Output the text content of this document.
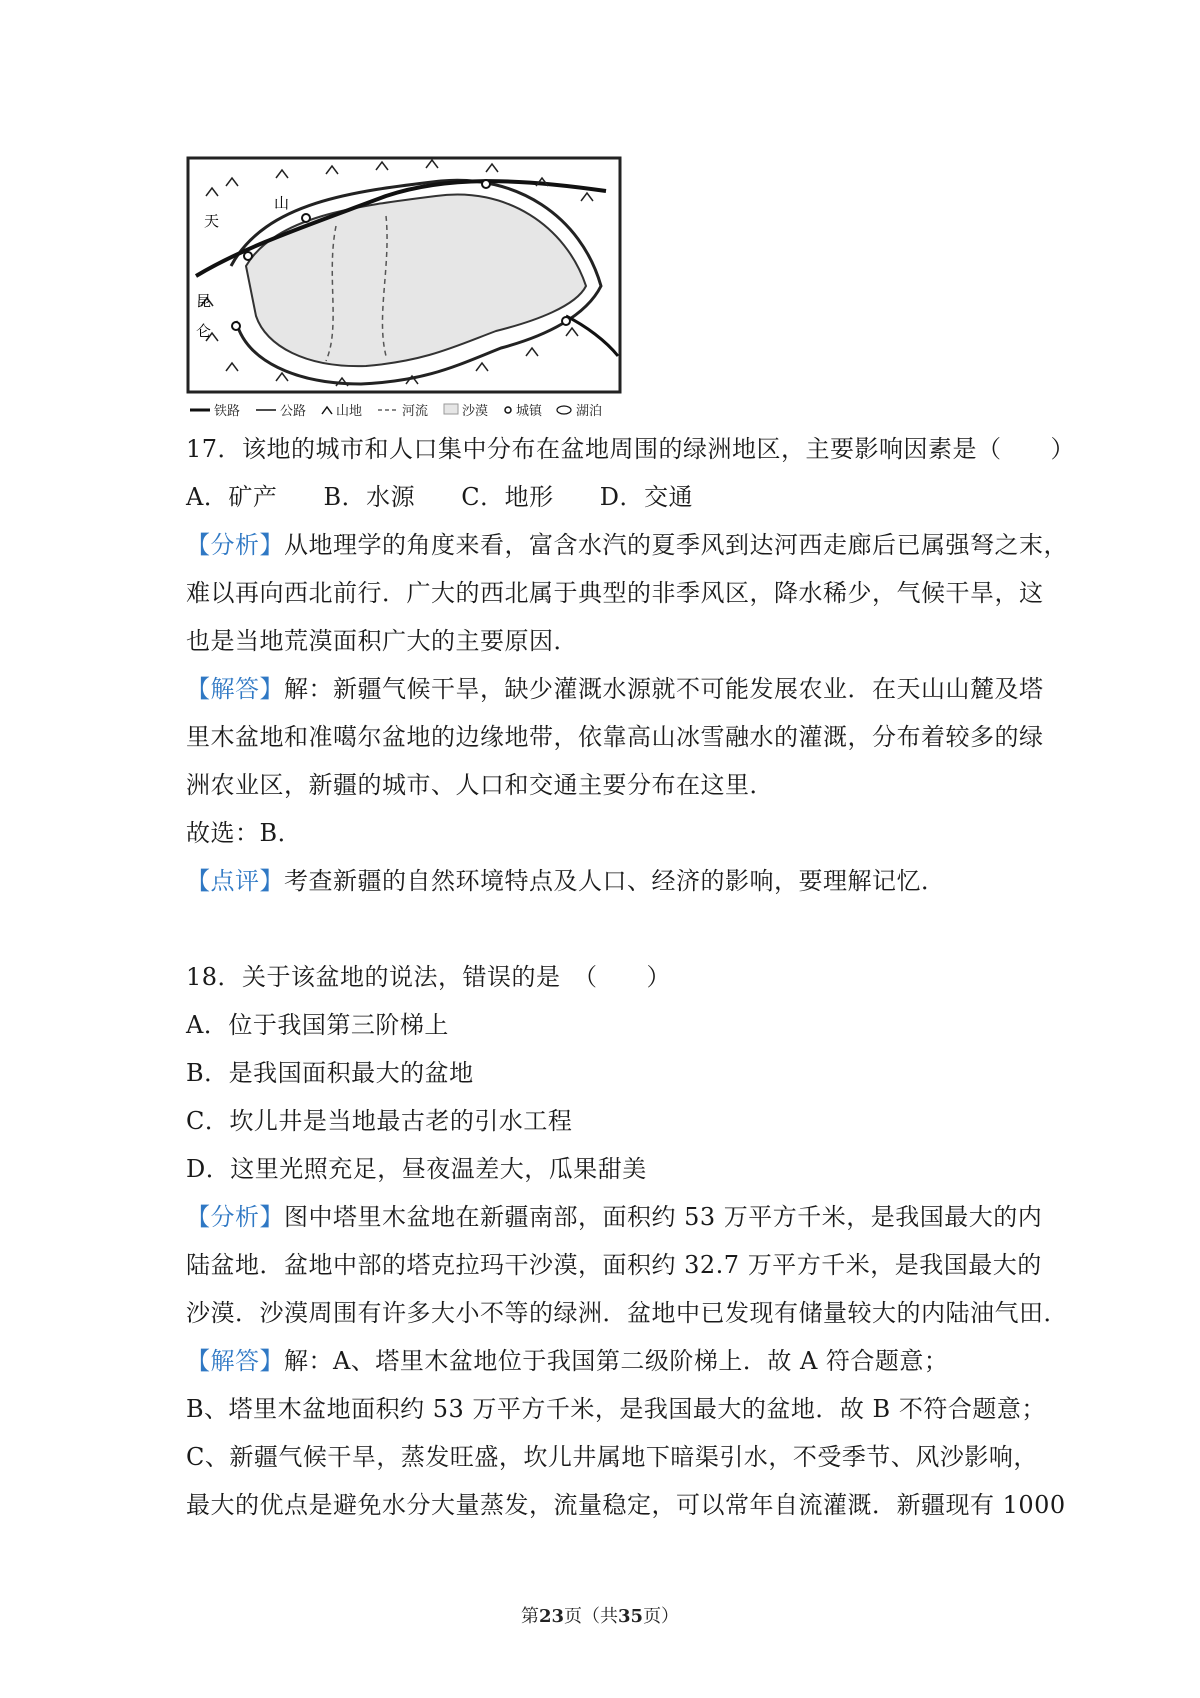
天
山
昆
仑
铁路	公路 山地	河流	沙漠 城镇	湖泊
17．该地的城市和人口集中分布在盆地周围的绿洲地区，主要影响因素是（　　）
A．矿产 B．水源 C．地形 D．交通
【分析】从地理学的角度来看，富含水汽的夏季风到达河西走廊后已属强弩之末，
难以再向西北前行．广大的西北属于典型的非季风区，降水稀少，气候干旱，这
也是当地荒漠面积广大的主要原因．
【解答】解：新疆气候干旱，缺少灌溉水源就不可能发展农业．在天山山麓及塔
里木盆地和准噶尔盆地的边缘地带，依靠高山冰雪融水的灌溉，分布着较多的绿
洲农业区，新疆的城市、人口和交通主要分布在这里．
故选：B．
【点评】考查新疆的自然环境特点及人口、经济的影响，要理解记忆．
18．关于该盆地的说法，错误的是　（　　）
A．位于我国第三阶梯上
B．是我国面积最大的盆地
C．坎儿井是当地最古老的引水工程
D．这里光照充足，昼夜温差大，瓜果甜美
【分析】图中塔里木盆地在新疆南部，面积约 53 万平方千米，是我国最大的内
陆盆地．盆地中部的塔克拉玛干沙漠，面积约 32.7 万平方千米，是我国最大的
沙漠．沙漠周围有许多大小不等的绿洲．盆地中已发现有储量较大的内陆油气田．
【解答】解：A、塔里木盆地位于我国第二级阶梯上．故 A 符合题意；
B、塔里木盆地面积约 53 万平方千米，是我国最大的盆地．故 B 不符合题意；
C、新疆气候干旱，蒸发旺盛，坎儿井属地下暗渠引水，不受季节、风沙影响，
最大的优点是避免水分大量蒸发，流量稳定，可以常年自流灌溉．新疆现有 1000
第23页（共35页）
